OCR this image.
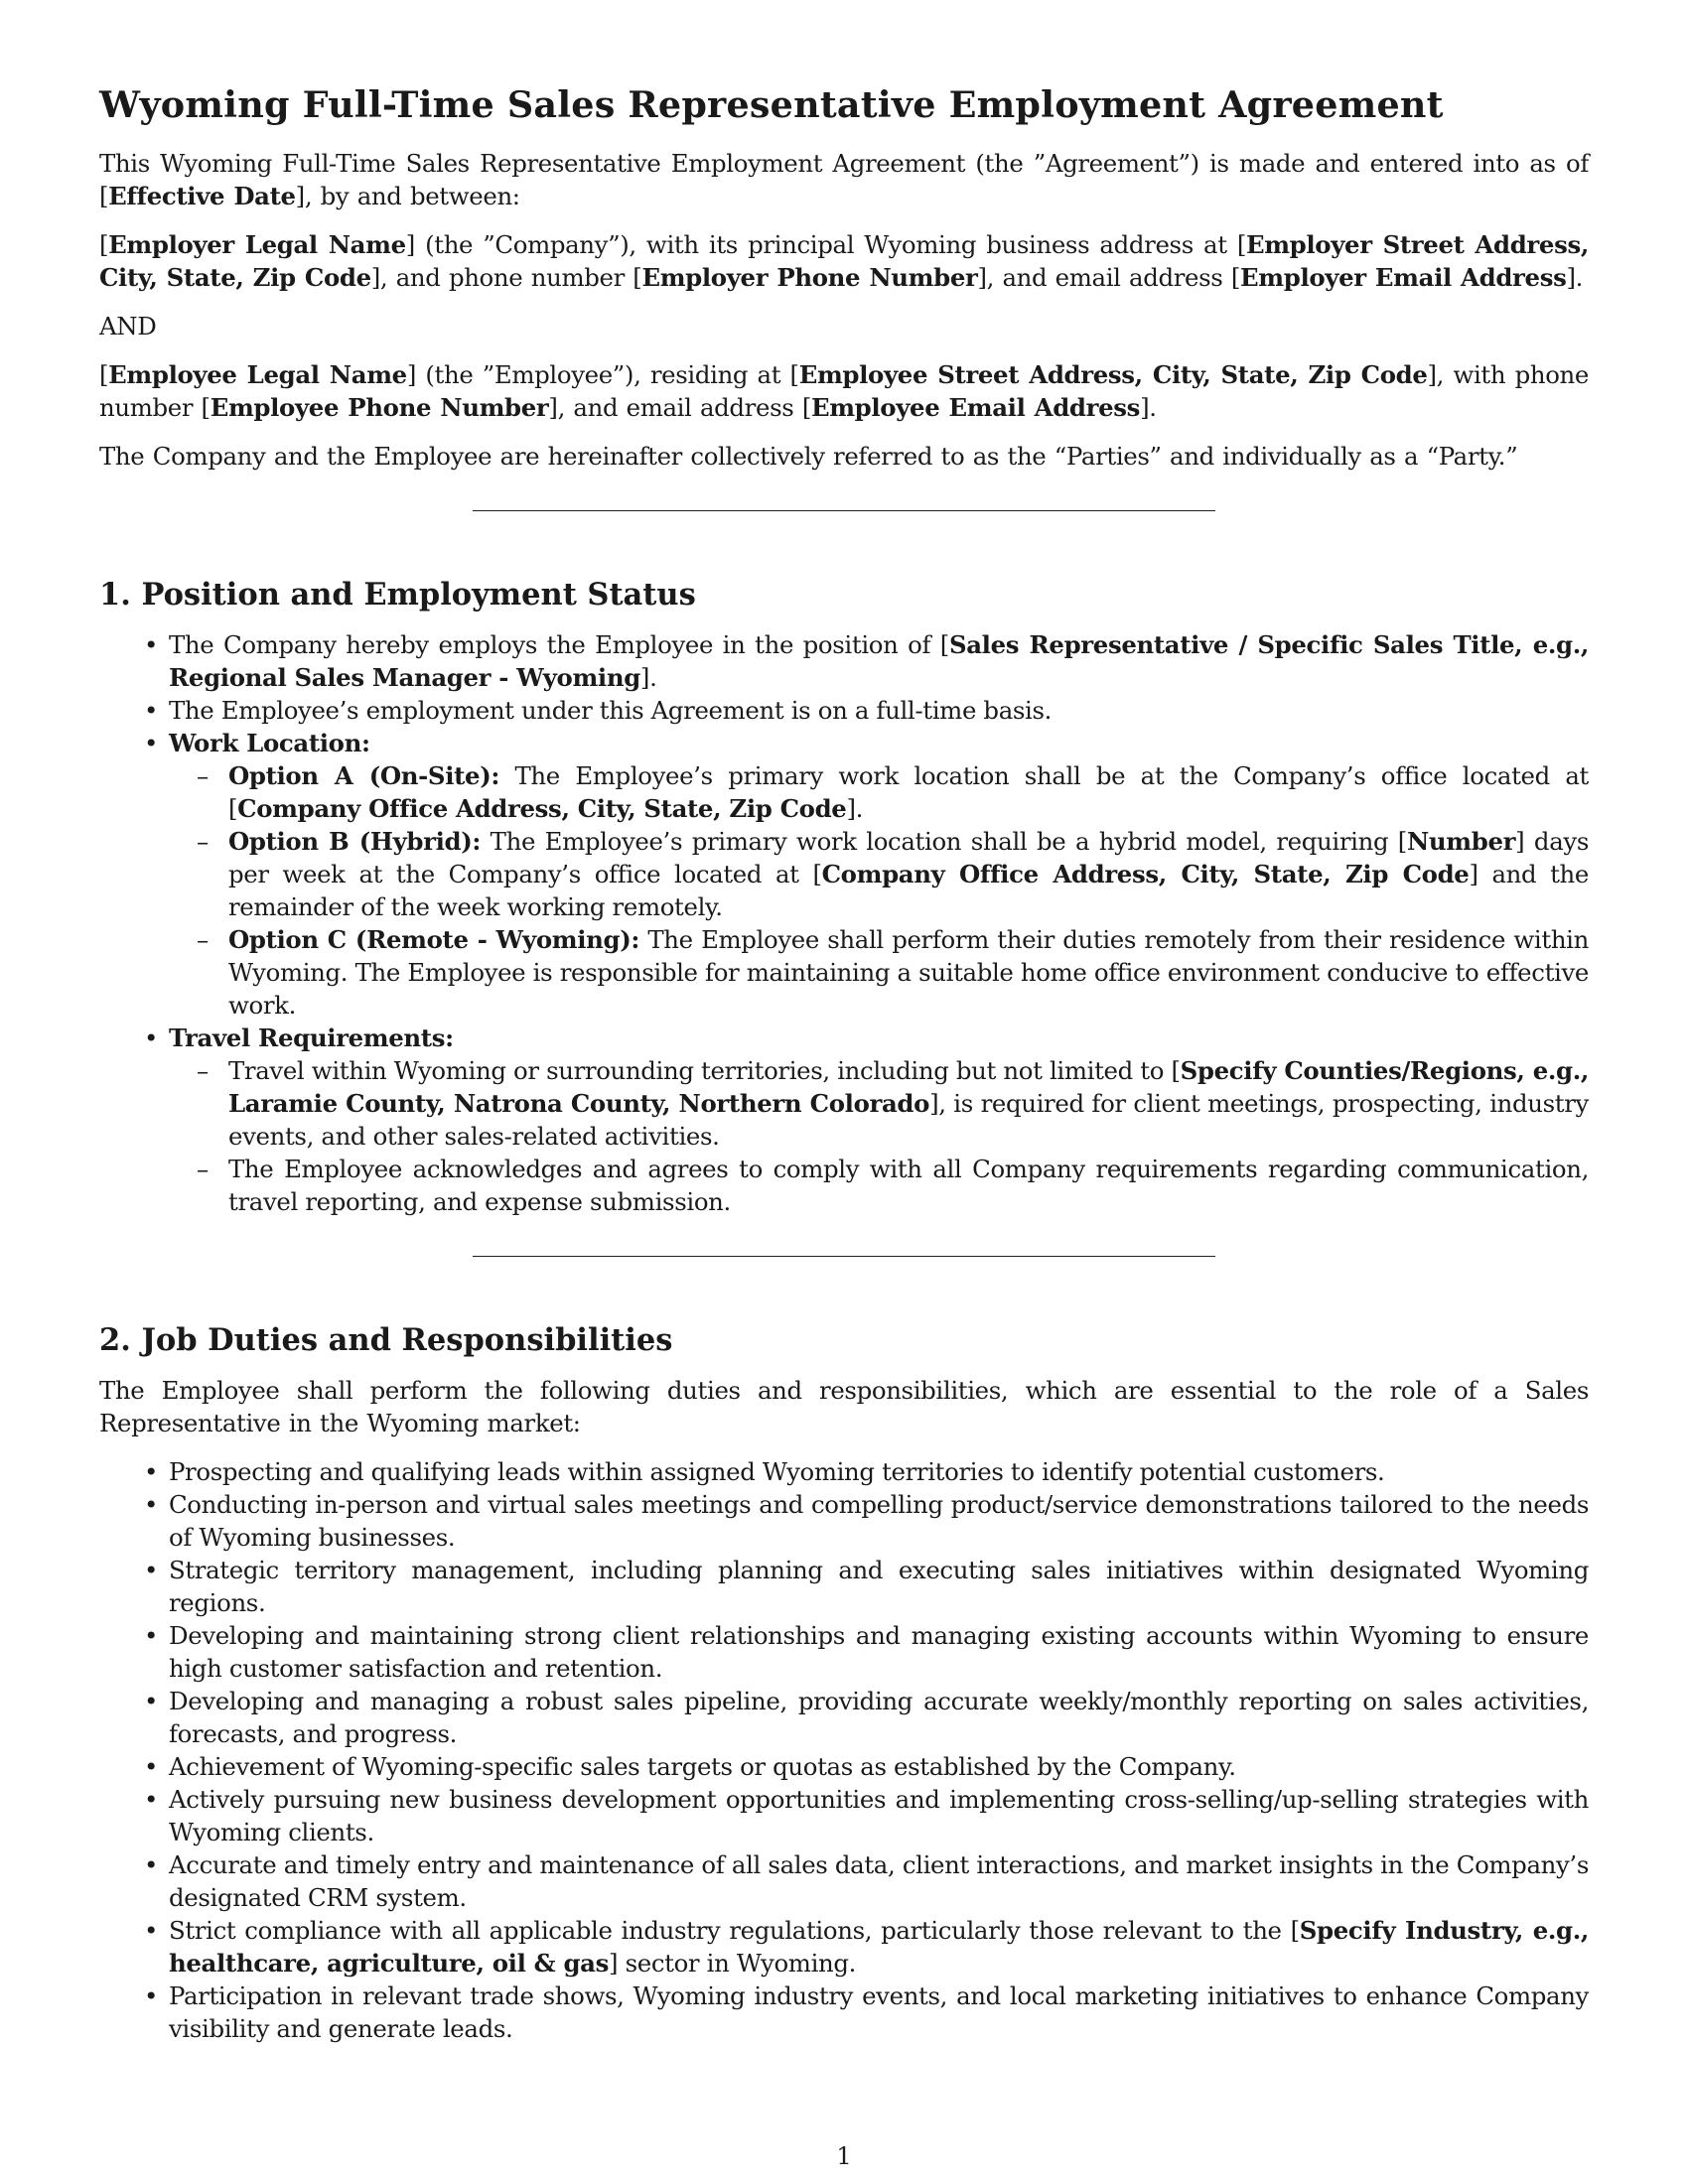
Wyoming Full-Time Sales Representative Employment Agreement

This Wyoming Full-Time Sales Representative Employment Agreement (the ”Agreement”) is made and entered into as of [Effective Date], by and between:

[Employer Legal Name] (the ”Company”), with its principal Wyoming business address at [Employer Street Address, City, State, Zip Code], and phone number [Employer Phone Number], and email address [Employer Email Address].

AND

[Employee Legal Name] (the ”Employee”), residing at [Employee Street Address, City, State, Zip Code], with phone number [Employee Phone Number], and email address [Employee Email Address].

The Company and the Employee are hereinafter collectively referred to as the “Parties” and individually as a “Party.”

1. Position and Employment Status
• The Company hereby employs the Employee in the position of [Sales Representative / Specific Sales Title, e.g., Regional Sales Manager - Wyoming].
• The Employee’s employment under this Agreement is on a full-time basis.
• Work Location:
– Option A (On-Site): The Employee’s primary work location shall be at the Company’s office located at [Company Office Address, City, State, Zip Code].
– Option B (Hybrid): The Employee’s primary work location shall be a hybrid model, requiring [Number] days per week at the Company’s office located at [Company Office Address, City, State, Zip Code] and the remainder of the week working remotely.
– Option C (Remote - Wyoming): The Employee shall perform their duties remotely from their residence within Wyoming. The Employee is responsible for maintaining a suitable home office environment conducive to effective work.
• Travel Requirements:
– Travel within Wyoming or surrounding territories, including but not limited to [Specify Counties/Regions, e.g., Laramie County, Natrona County, Northern Colorado], is required for client meetings, prospecting, industry events, and other sales-related activities.
– The Employee acknowledges and agrees to comply with all Company requirements regarding communication, travel reporting, and expense submission.
2. Job Duties and Responsibilities

The Employee shall perform the following duties and responsibilities, which are essential to the role of a Sales Representative in the Wyoming market:

• Prospecting and qualifying leads within assigned Wyoming territories to identify potential customers.
• Conducting in-person and virtual sales meetings and compelling product/service demonstrations tailored to the needs of Wyoming businesses.
• Strategic territory management, including planning and executing sales initiatives within designated Wyoming regions.
• Developing and maintaining strong client relationships and managing existing accounts within Wyoming to ensure high customer satisfaction and retention.
• Developing and managing a robust sales pipeline, providing accurate weekly/monthly reporting on sales activities, forecasts, and progress.
• Achievement of Wyoming-specific sales targets or quotas as established by the Company.
• Actively pursuing new business development opportunities and implementing cross-selling/up-selling strategies with Wyoming clients.
• Accurate and timely entry and maintenance of all sales data, client interactions, and market insights in the Company’s designated CRM system.
• Strict compliance with all applicable industry regulations, particularly those relevant to the [Specify Industry, e.g., healthcare, agriculture, oil & gas] sector in Wyoming.
• Participation in relevant trade shows, Wyoming industry events, and local marketing initiatives to enhance Company visibility and generate leads.
1
